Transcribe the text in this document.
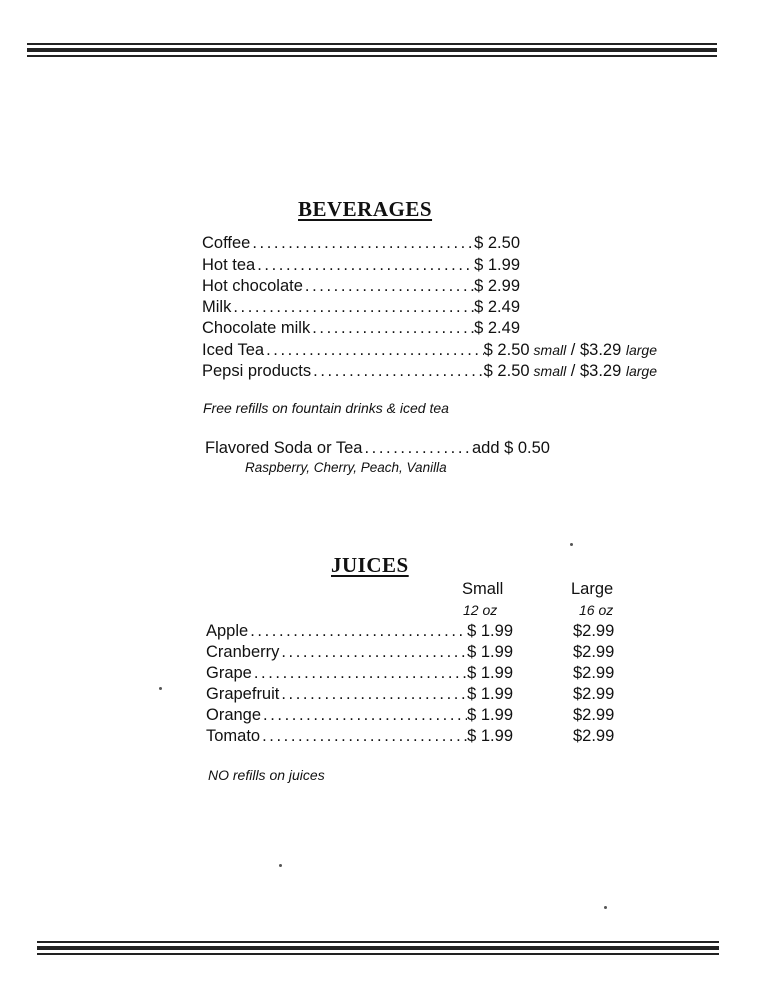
BEVERAGES
Coffee .....	$ 2.50
Hot tea .....	$ 1.99
Hot chocolate .....	$ 2.99
Milk .....	$ 2.49
Chocolate milk .....	$ 2.49
Iced Tea .....	$ 2.50 small / $3.29 large
Pepsi products .....	$ 2.50 small / $3.29 large
Free refills on fountain drinks & iced tea
Flavored Soda or Tea .....	add $ 0.50
Raspberry, Cherry, Peach, Vanilla
JUICES
Small	Large
12 oz	16 oz
Apple .....	$ 1.99	$2.99
Cranberry .....	$ 1.99	$2.99
Grape .....	$ 1.99	$2.99
Grapefruit .....	$ 1.99	$2.99
Orange .....	$ 1.99	$2.99
Tomato .....	$ 1.99	$2.99
NO refills on juices
